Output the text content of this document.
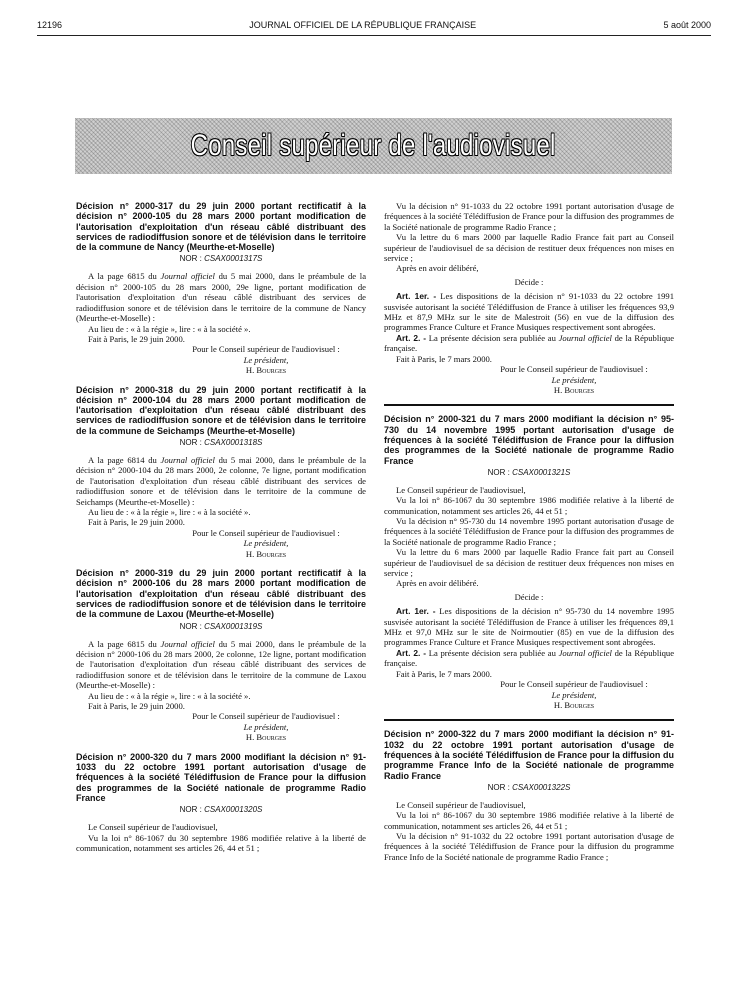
12196	JOURNAL OFFICIEL DE LA RÉPUBLIQUE FRANÇAISE	5 août 2000
Conseil supérieur de l'audiovisuel

Décision n° 2000-317 du 29 juin 2000 portant rectificatif à la décision n° 2000-105 du 28 mars 2000 portant modification de l'autorisation d'exploitation d'un réseau câblé distribuant des services de radiodiffusion sonore et de télévision dans le territoire de la commune de Nancy (Meurthe-et-Moselle)

NOR : CSAX0001317S

A la page 6815 du Journal officiel du 5 mai 2000, dans le préambule de la décision n° 2000-105 du 28 mars 2000, 29e ligne, portant modification de l'autorisation d'exploitation d'un réseau câblé distribuant des services de radiodiffusion sonore et de télévision dans le territoire de la commune de Nancy (Meurthe-et-Moselle) :

Au lieu de : « à la régie », lire : « à la société ».

Fait à Paris, le 29 juin 2000.

Pour le Conseil supérieur de l'audiovisuel :

Le président,

H. Bourges

Décision n° 2000-318 du 29 juin 2000 portant rectificatif à la décision n° 2000-104 du 28 mars 2000 portant modification de l'autorisation d'exploitation d'un réseau câblé distribuant des services de radiodiffusion sonore et de télévision dans le territoire de la commune de Seichamps (Meurthe-et-Moselle)

NOR : CSAX0001318S

A la page 6814 du Journal officiel du 5 mai 2000, dans le préambule de la décision n° 2000-104 du 28 mars 2000, 2e colonne, 7e ligne, portant modification de l'autorisation d'exploitation d'un réseau câblé distribuant des services de radiodiffusion sonore et de télévision dans le territoire de la commune de Seichamps (Meurthe-et-Moselle) :

Au lieu de : « à la régie », lire : « à la société ».

Fait à Paris, le 29 juin 2000.

Pour le Conseil supérieur de l'audiovisuel :

Le président,

H. Bourges

Décision n° 2000-319 du 29 juin 2000 portant rectificatif à la décision n° 2000-106 du 28 mars 2000 portant modification de l'autorisation d'exploitation d'un réseau câblé distribuant des services de radiodiffusion sonore et de télévision dans le territoire de la commune de Laxou (Meurthe-et-Moselle)

NOR : CSAX0001319S

A la page 6815 du Journal officiel du 5 mai 2000, dans le préambule de la décision n° 2000-106 du 28 mars 2000, 2e colonne, 12e ligne, portant modification de l'autorisation d'exploitation d'un réseau câblé distribuant des services de radiodiffusion sonore et de télévision dans le territoire de la commune de Laxou (Meurthe-et-Moselle) :

Au lieu de : « à la régie », lire : « à la société ».

Fait à Paris, le 29 juin 2000.

Pour le Conseil supérieur de l'audiovisuel :

Le président,

H. Bourges

Décision n° 2000-320 du 7 mars 2000 modifiant la décision n° 91-1033 du 22 octobre 1991 portant autorisation d'usage de fréquences à la société Télédiffusion de France pour la diffusion des programmes de la Société nationale de programme Radio France

NOR : CSAX0001320S

Le Conseil supérieur de l'audiovisuel,

Vu la loi n° 86-1067 du 30 septembre 1986 modifiée relative à la liberté de communication, notamment ses articles 26, 44 et 51 ;

Vu la décision n° 91-1033 du 22 octobre 1991 portant autorisation d'usage de fréquences à la société Télédiffusion de France pour la diffusion des programmes de la Société nationale de programme Radio France ;

Vu la lettre du 6 mars 2000 par laquelle Radio France fait part au Conseil supérieur de l'audiovisuel de sa décision de restituer deux fréquences non mises en service ;

Après en avoir délibéré,

Décide :

Art. 1er. - Les dispositions de la décision n° 91-1033 du 22 octobre 1991 susvisée autorisant la société Télédiffusion de France à utiliser les fréquences 93,9 MHz et 87,9 MHz sur le site de Malestroit (56) en vue de la diffusion des programmes France Culture et France Musiques respectivement sont abrogées.

Art. 2. - La présente décision sera publiée au Journal officiel de la République française.

Fait à Paris, le 7 mars 2000.

Pour le Conseil supérieur de l'audiovisuel :

Le président,

H. Bourges

Décision n° 2000-321 du 7 mars 2000 modifiant la décision n° 95-730 du 14 novembre 1995 portant autorisation d'usage de fréquences à la société Télédiffusion de France pour la diffusion des programmes de la Société nationale de programme Radio France

NOR : CSAX0001321S

Le Conseil supérieur de l'audiovisuel,

Vu la loi n° 86-1067 du 30 septembre 1986 modifiée relative à la liberté de communication, notamment ses articles 26, 44 et 51 ;

Vu la décision n° 95-730 du 14 novembre 1995 portant autorisation d'usage de fréquences à la société Télédiffusion de France pour la diffusion des programmes de la Société nationale de programme Radio France ;

Vu la lettre du 6 mars 2000 par laquelle Radio France fait part au Conseil supérieur de l'audiovisuel de sa décision de restituer deux fréquences non mises en service ;

Après en avoir délibéré.

Décide :

Art. 1er. - Les dispositions de la décision n° 95-730 du 14 novembre 1995 susvisée autorisant la société Télédiffusion de France à utiliser les fréquences 89,1 MHz et 97,0 MHz sur le site de Noirmoutier (85) en vue de la diffusion des programmes France Culture et France Musiques respectivement sont abrogées.

Art. 2. - La présente décision sera publiée au Journal officiel de la République française.

Fait à Paris, le 7 mars 2000.

Pour le Conseil supérieur de l'audiovisuel :

Le président,

H. Bourges

Décision n° 2000-322 du 7 mars 2000 modifiant la décision n° 91-1032 du 22 octobre 1991 portant autorisation d'usage de fréquences à la société Télédiffusion de France pour la diffusion du programme France Info de la Société nationale de programme Radio France

NOR : CSAX0001322S

Le Conseil supérieur de l'audiovisuel,

Vu la loi n° 86-1067 du 30 septembre 1986 modifiée relative à la liberté de communication, notamment ses articles 26, 44 et 51 ;

Vu la décision n° 91-1032 du 22 octobre 1991 portant autorisation d'usage de fréquences à la société Télédiffusion de France pour la diffusion du programme France Info de la Société nationale de programme Radio France ;
